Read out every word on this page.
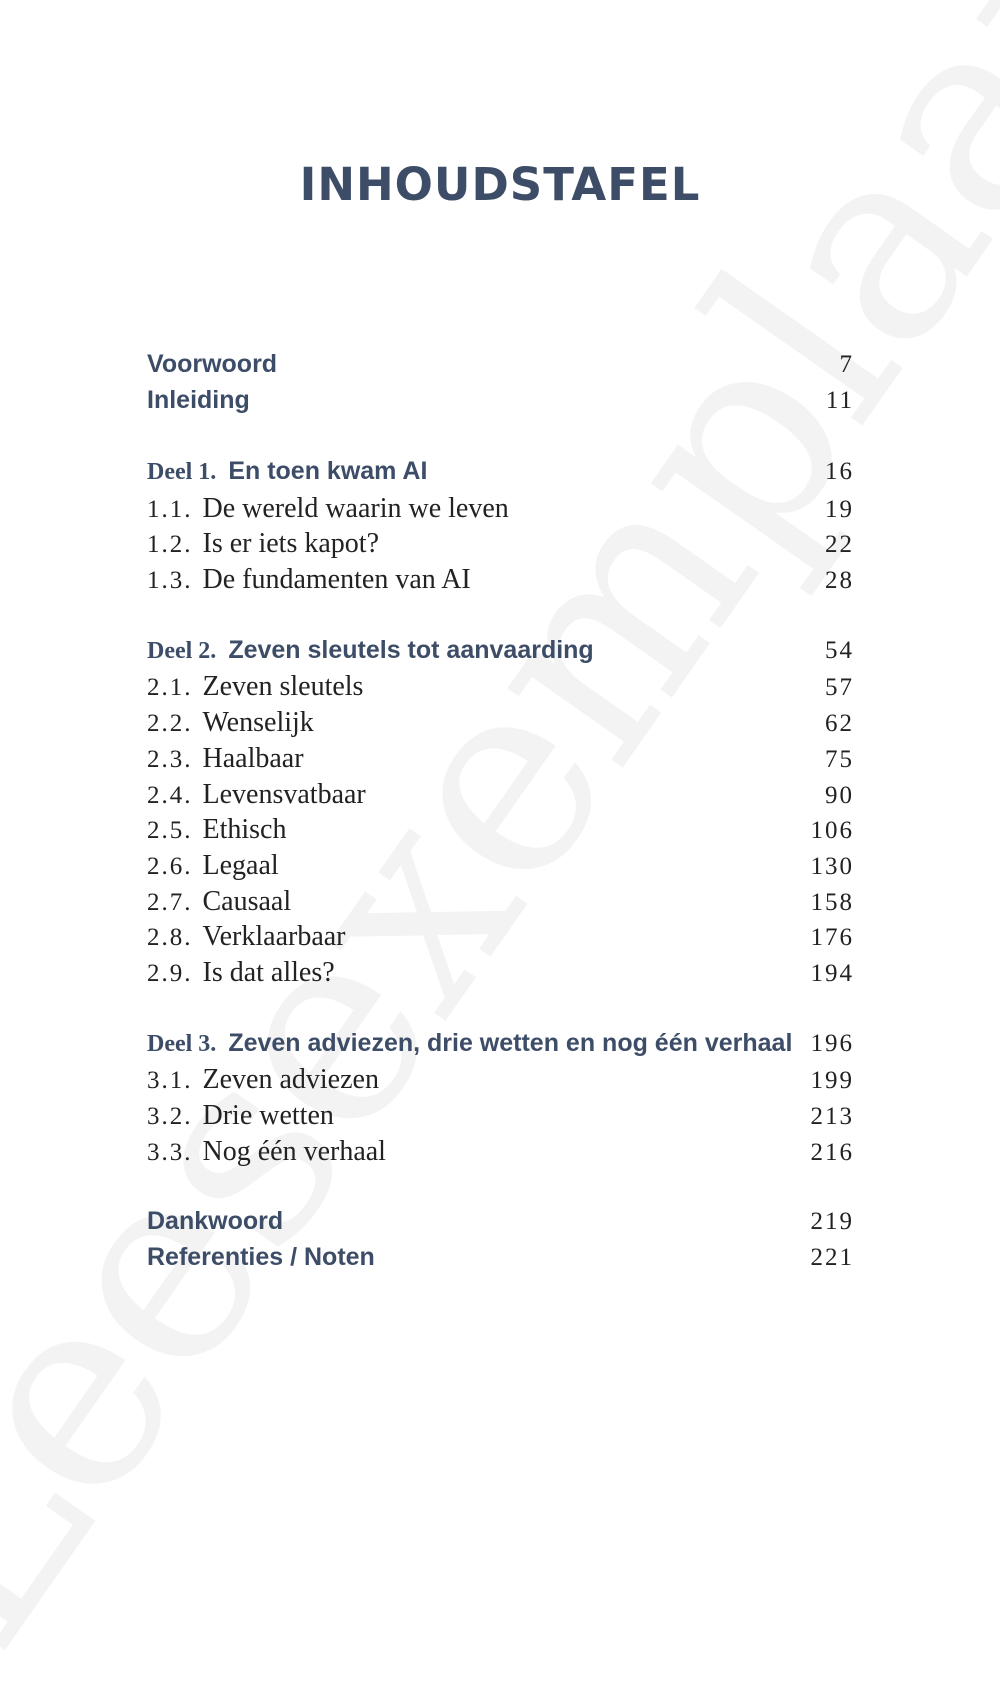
INHOUDSTAFEL
Voorwoord	7
Inleiding	11
Deel 1. En toen kwam AI	16
1.1. De wereld waarin we leven	19
1.2. Is er iets kapot?	22
1.3. De fundamenten van AI	28
Deel 2. Zeven sleutels tot aanvaarding	54
2.1. Zeven sleutels	57
2.2. Wenselijk	62
2.3. Haalbaar	75
2.4. Levensvatbaar	90
2.5. Ethisch	106
2.6. Legaal	130
2.7. Causaal	158
2.8. Verklaarbaar	176
2.9. Is dat alles?	194
Deel 3. Zeven adviezen, drie wetten en nog één verhaal 196
3.1. Zeven adviezen	199
3.2. Drie wetten	213
3.3. Nog één verhaal	216
Dankwoord	219
Referenties / Noten	221
